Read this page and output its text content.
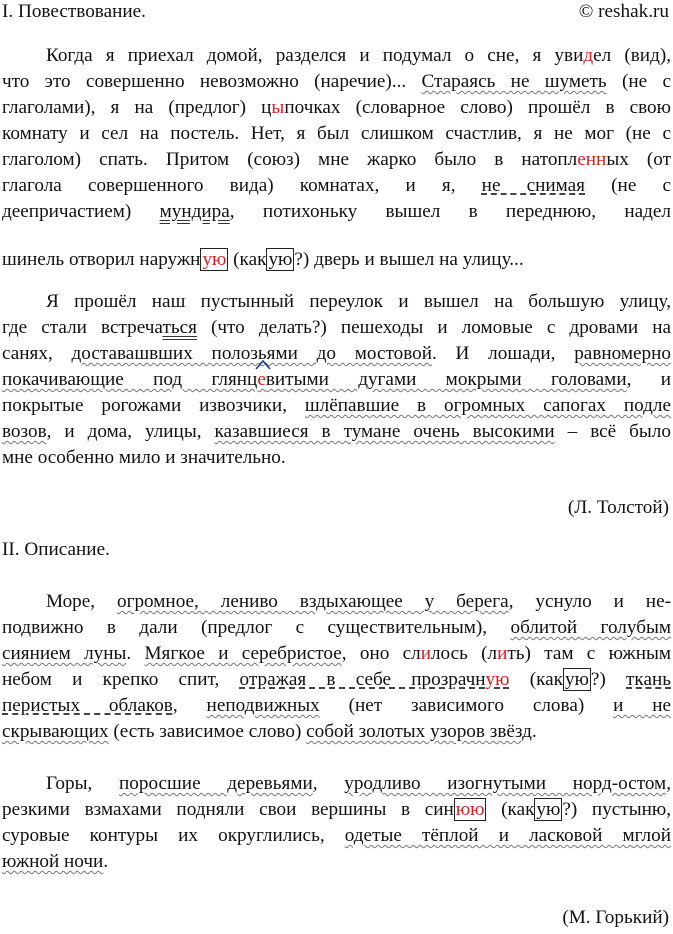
I. Повествование.	© reshak.ru
Когда я приехал домой, разделся и подумал о сне, я увидел (вид),
что это совершенно невозможно (наречие)... Стараясь не шуметь (не с
глаголами), я на (предлог) цыпочках (словарное слово) прошёл в свою
комнату и сел на постель. Нет, я был слишком счастлив, я не мог (не с
глаголом) спать. Притом (союз) мне жарко было в натопленных (от
глагола совершенного вида) комнатах, и я, не снимая (не с
деепричастием) мундира, потихоньку вышел в переднюю, надел
шинель отворил наружн ую (как ую ?) дверь и вышел на улицу...
Я прошёл наш пустынный переулок и вышел на большую улицу,
где стали встречаться (что делать?) пешеходы и ломовые с дровами на
санях, доставашвших полозьями до мостовой. И лошади, равномерно
покачивающие под глянц
евитыми дугами мокрыми головами, и
покрытые рогожами извозчики, шлёпавшие в огромных сапогах подле
возов, и дома, улицы, казавшиеся в тумане очень высокими – всё было
мне особенно мило и значительно.
(Л. Толстой)
II. Описание.
Море, огромное, лениво вздыхающее у берега, уснуло и не-
подвижно в дали (предлог с существительным), облитой голубым
сиянием луны. Мягкое и серебристое, оно слилось (лить) там с южным
небом и крепко спит, отражая в себе прозрачную (как ую ?) ткань
перистых облаков, неподвижных (нет зависимого слова) и не
скрывающих (есть зависимое слово) собой золотых узоров звёзд.
Горы, поросшие деревьями, уродливо изогнутыми норд-остом,
резкими взмахами подняли свои вершины в син юю (как ую ?) пустыню,
суровые контуры их округлились, одетые тёплой и ласковой мглой
южной ночи.
(М. Горький)
